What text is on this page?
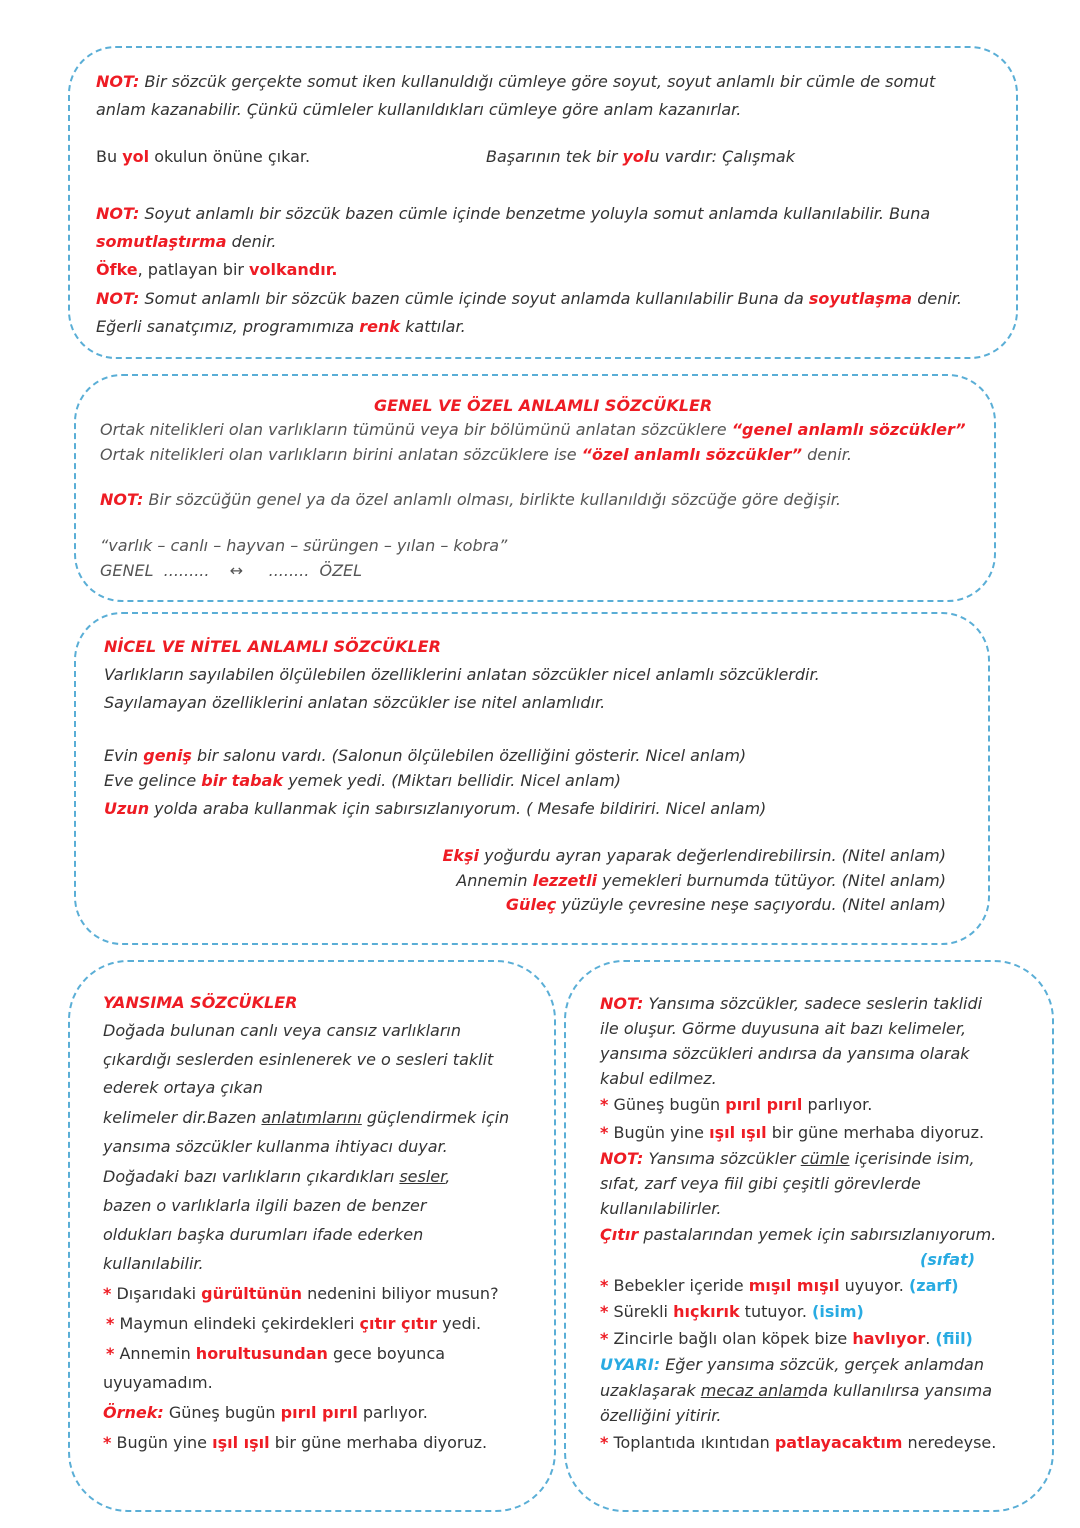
NOT: Bir sözcük gerçekte somut iken kullanuldığı cümleye göre soyut, soyut anlamlı bir cümle de somut
anlam kazanabilir. Çünkü cümleler kullanıldıkları cümleye göre anlam kazanırlar.
Bu yol okulun önüne çıkar.	Başarının tek bir yolu vardır: Çalışmak
NOT: Soyut anlamlı bir sözcük bazen cümle içinde benzetme yoluyla somut anlamda kullanılabilir. Buna
somutlaştırma denir.
Öfke, patlayan bir volkandır.
NOT: Somut anlamlı bir sözcük bazen cümle içinde soyut anlamda kullanılabilir Buna da soyutlaşma denir.
Eğerli sanatçımız, programımıza renk kattılar.
GENEL VE ÖZEL ANLAMLI SÖZCÜKLER
Ortak nitelikleri olan varlıkların tümünü veya bir bölümünü anlatan sözcüklere “genel anlamlı sözcükler”
Ortak nitelikleri olan varlıkların birini anlatan sözcüklere ise “özel anlamlı sözcükler” denir.
NOT: Bir sözcüğün genel ya da özel anlamlı olması, birlikte kullanıldığı sözcüğe göre değişir.
“varlık – canlı – hayvan – sürüngen – yılan – kobra”
GENEL  .........    ↔     ........  ÖZEL
NİCEL VE NİTEL ANLAMLI SÖZCÜKLER
Varlıkların sayılabilen ölçülebilen özelliklerini anlatan sözcükler nicel anlamlı sözcüklerdir.
Sayılamayan özelliklerini anlatan sözcükler ise nitel anlamlıdır.
Evin geniş bir salonu vardı. (Salonun ölçülebilen özelliğini gösterir. Nicel anlam)
Eve gelince bir tabak yemek yedi. (Miktarı bellidir. Nicel anlam)
Uzun yolda araba kullanmak için sabırsızlanıyorum. ( Mesafe bildiriri. Nicel anlam)
Ekşi yoğurdu ayran yaparak değerlendirebilirsin. (Nitel anlam)
Annemin lezzetli yemekleri burnumda tütüyor. (Nitel anlam)
Güleç yüzüyle çevresine neşe saçıyordu. (Nitel anlam)
YANSIMA SÖZCÜKLER
Doğada bulunan canlı veya cansız varlıkların
çıkardığı seslerden esinlenerek ve o sesleri taklit
ederek ortaya çıkan
kelimeler dir.Bazen anlatımlarını güçlendirmek için
yansıma sözcükler kullanma ihtiyacı duyar.
Doğadaki bazı varlıkların çıkardıkları sesler,
bazen o varlıklarla ilgili bazen de benzer
oldukları başka durumları ifade ederken
kullanılabilir.
* Dışarıdaki gürültünün nedenini biliyor musun?
* Maymun elindeki çekirdekleri çıtır çıtır yedi.
* Annemin horultusundan gece boyunca
uyuyamadım.
Örnek: Güneş bugün pırıl pırıl parlıyor.
* Bugün yine ışıl ışıl bir güne merhaba diyoruz.
NOT: Yansıma sözcükler, sadece seslerin taklidi
ile oluşur. Görme duyusuna ait bazı kelimeler,
yansıma sözcükleri andırsa da yansıma olarak
kabul edilmez.
* Güneş bugün pırıl pırıl parlıyor.
* Bugün yine ışıl ışıl bir güne merhaba diyoruz.
NOT: Yansıma sözcükler cümle içerisinde isim,
sıfat, zarf veya fiil gibi çeşitli görevlerde
kullanılabilirler.
Çıtır pastalarından yemek için sabırsızlanıyorum.
(sıfat)
* Bebekler içeride mışıl mışıl uyuyor. (zarf)
* Sürekli hıçkırık tutuyor. (isim)
* Zincirle bağlı olan köpek bize havlıyor. (fiil)
UYARI: Eğer yansıma sözcük, gerçek anlamdan
uzaklaşarak mecaz anlamda kullanılırsa yansıma
özelliğini yitirir.
* Toplantıda ıkıntıdan patlayacaktım neredeyse.
